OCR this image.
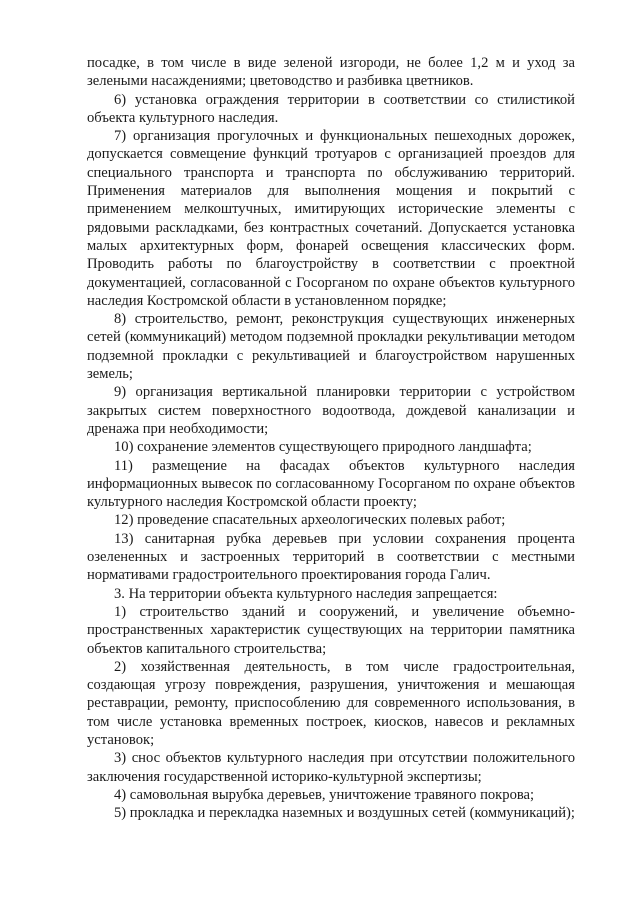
посадке, в том числе в виде зеленой изгороди, не более 1,2 м и уход за зелеными насаждениями; цветоводство и разбивка цветников.

6) установка ограждения территории в соответствии со стилистикой объекта культурного наследия.

7) организация прогулочных и функциональных пешеходных дорожек, допускается совмещение функций тротуаров с организацией проездов для специального транспорта и транспорта по обслуживанию территорий. Применения материалов для выполнения мощения и покрытий с применением мелкоштучных, имитирующих исторические элементы с рядовыми раскладками, без контрастных сочетаний. Допускается установка малых архитектурных форм, фонарей освещения классических форм. Проводить работы по благоустройству в соответствии с проектной документацией, согласованной с Госорганом по охране объектов культурного наследия Костромской области в установленном порядке;

8) строительство, ремонт, реконструкция существующих инженерных сетей (коммуникаций) методом подземной прокладки рекультивации методом подземной прокладки с рекультивацией и благоустройством нарушенных земель;

9) организация вертикальной планировки территории с устройством закрытых систем поверхностного водоотвода, дождевой канализации и дренажа при необходимости;

10) сохранение элементов существующего природного ландшафта;

11) размещение на фасадах объектов культурного наследия информационных вывесок по согласованному Госорганом по охране объектов культурного наследия Костромской области проекту;

12) проведение спасательных археологических полевых работ;

13) санитарная рубка деревьев при условии сохранения процента озелененных и застроенных территорий в соответствии с местными нормативами градостроительного проектирования города Галич.

3. На территории объекта культурного наследия запрещается:

1) строительство зданий и сооружений, и увеличение объемно-пространственных характеристик существующих на территории памятника объектов капитального строительства;

2) хозяйственная деятельность, в том числе градостроительная, создающая угрозу повреждения, разрушения, уничтожения и мешающая реставрации, ремонту, приспособлению для современного использования, в том числе установка временных построек, киосков, навесов и рекламных установок;

3) снос объектов культурного наследия при отсутствии положительного заключения государственной историко-культурной экспертизы;

4) самовольная вырубка деревьев, уничтожение травяного покрова;

5) прокладка и перекладка наземных и воздушных сетей (коммуникаций);
